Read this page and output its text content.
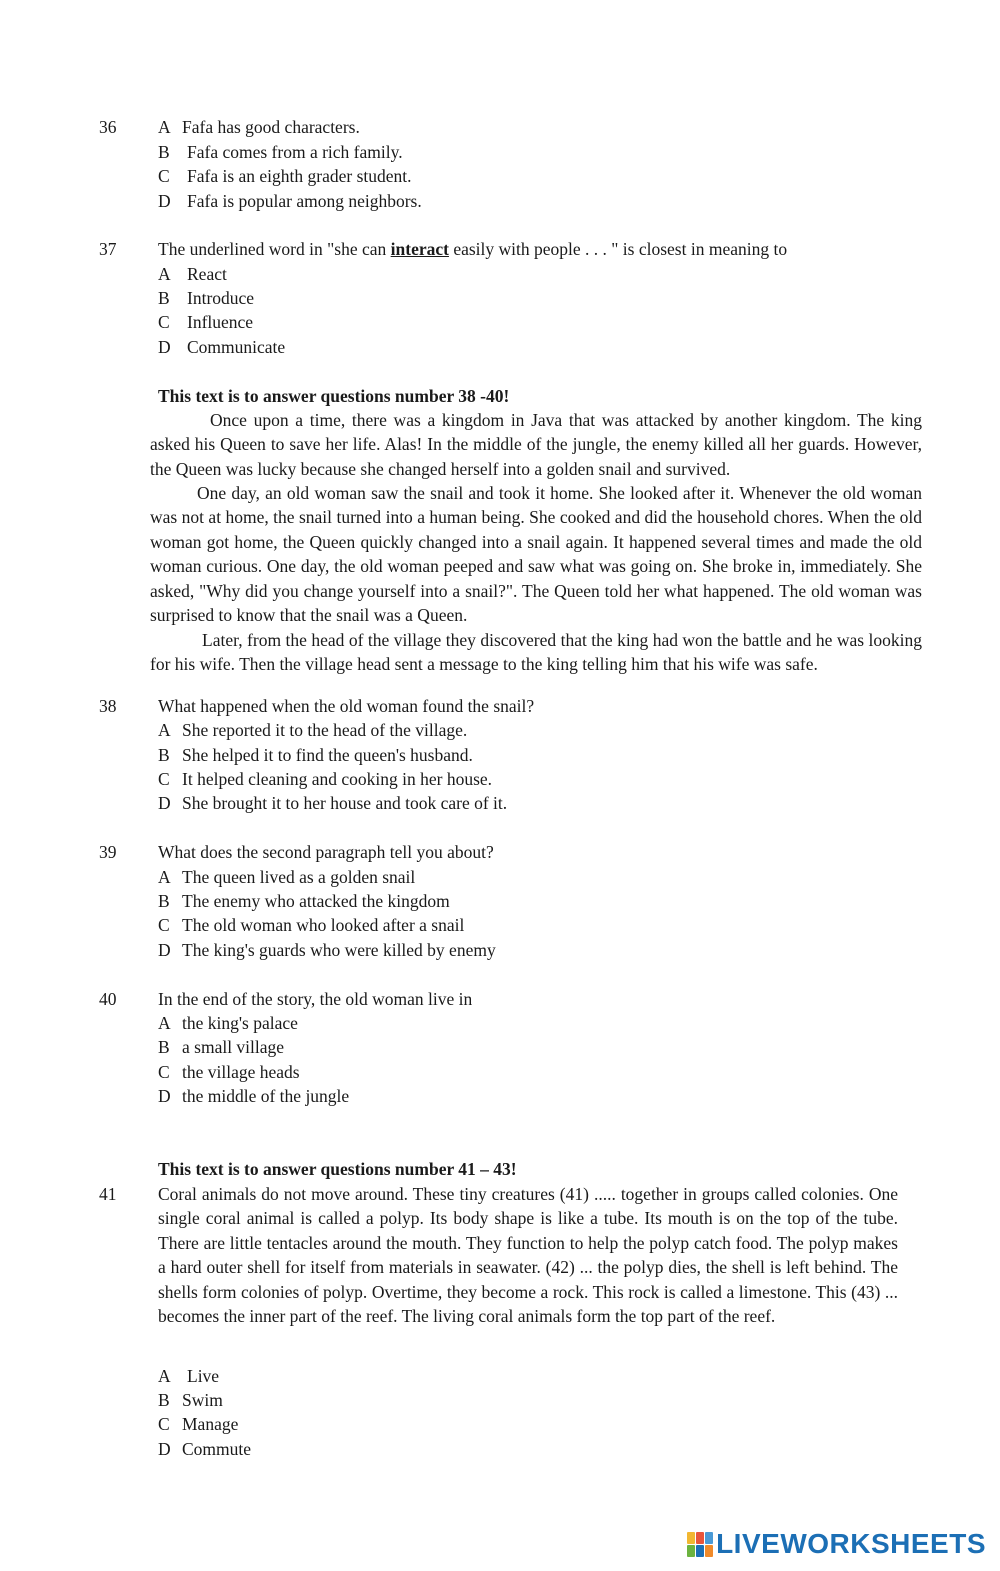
36 A Fafa has good characters.
B Fafa comes from a rich family.
C Fafa is an eighth grader student.
D Fafa is popular among neighbors.
37 The underlined word in "she can interact easily with people . . . " is closest in meaning to
A React
B Introduce
C Influence
D Communicate
This text is to answer questions number 38 -40!

Once upon a time, there was a kingdom in Java that was attacked by another kingdom. The king asked his Queen to save her life. Alas! In the middle of the jungle, the enemy killed all her guards. However, the Queen was lucky because she changed herself into a golden snail and survived.

One day, an old woman saw the snail and took it home. She looked after it. Whenever the old woman was not at home, the snail turned into a human being. She cooked and did the household chores. When the old woman got home, the Queen quickly changed into a snail again. It happened several times and made the old woman curious. One day, the old woman peeped and saw what was going on. She broke in, immediately. She asked, "Why did you change yourself into a snail?". The Queen told her what happened. The old woman was surprised to know that the snail was a Queen.

Later, from the head of the village they discovered that the king had won the battle and he was looking for his wife. Then the village head sent a message to the king telling him that his wife was safe.

38 What happened when the old woman found the snail?
A She reported it to the head of the village.
B She helped it to find the queen's husband.
C It helped cleaning and cooking in her house.
D She brought it to her house and took care of it.
39 What does the second paragraph tell you about?
A The queen lived as a golden snail
B The enemy who attacked the kingdom
C The old woman who looked after a snail
D The king's guards who were killed by enemy
40 In the end of the story, the old woman live in
A the king's palace
B a small village
C the village heads
D the middle of the jungle
This text is to answer questions number 41 – 43!
41 Coral animals do not move around. These tiny creatures (41) ..... together in groups called colonies. One single coral animal is called a polyp. Its body shape is like a tube. Its mouth is on the top of the tube. There are little tentacles around the mouth. They function to help the polyp catch food. The polyp makes a hard outer shell for itself from materials in seawater. (42) ... the polyp dies, the shell is left behind. The shells form colonies of polyp. Overtime, they become a rock. This rock is called a limestone. This (43) ... becomes the inner part of the reef. The living coral animals form the top part of the reef.

A Live
B Swim
C Manage
D Commute
LIVEWORKSHEETS
